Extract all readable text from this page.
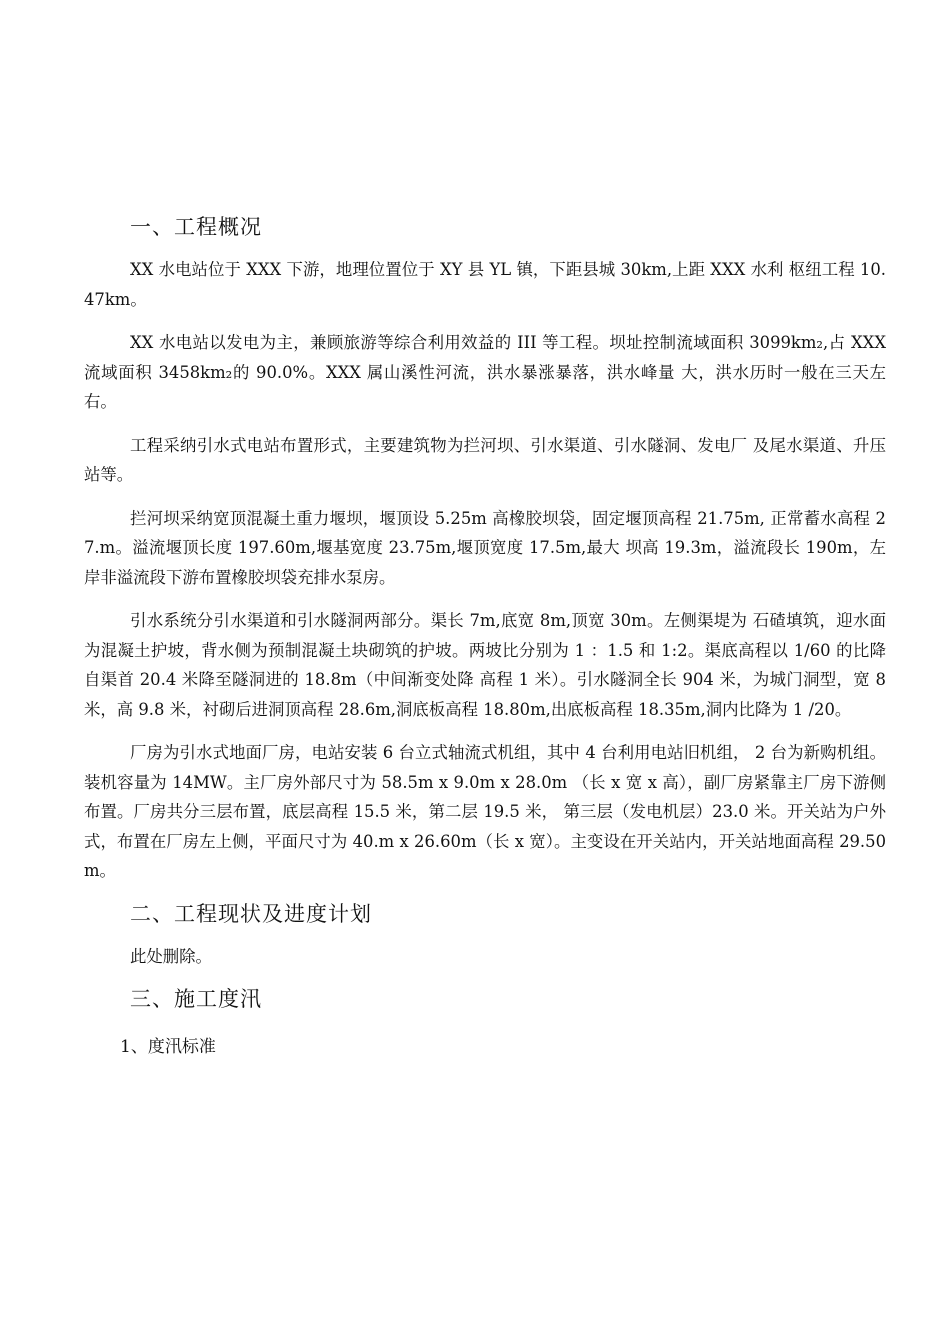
一、工程概况

XX 水电站位于 XXX 下游，地理位置位于 XY 县 YL 镇，下距县城 30km,上距 XXX 水利 枢纽工程 10.47km。

XX 水电站以发电为主，兼顾旅游等综合利用效益的 III 等工程。坝址控制流域面积 3099km₂,占 XXX 流域面积 3458km₂的 90.0%。XXX 属山溪性河流，洪水暴涨暴落，洪水峰量 大，洪水历时一般在三天左右。

工程采纳引水式电站布置形式，主要建筑物为拦河坝、引水渠道、引水隧洞、发电厂 及尾水渠道、升压站等。

拦河坝采纳宽顶混凝土重力堰坝，堰顶设 5.25m 高橡胶坝袋，固定堰顶高程 21.75m, 正常蓄水高程 27.m。溢流堰顶长度 197.60m,堰基宽度 23.75m,堰顶宽度 17.5m,最大 坝高 19.3m，溢流段长 190m，左岸非溢流段下游布置橡胶坝袋充排水泵房。

引水系统分引水渠道和引水隧洞两部分。渠长 7m,底宽 8m,顶宽 30m。左侧渠堤为 石碴填筑，迎水面为混凝土护坡，背水侧为预制混凝土块砌筑的护坡。两坡比分别为 1 ：1.5 和 1:2。渠底高程以 1/60 的比降自渠首 20.4 米降至隧洞进的 18.8m（中间渐变处降 高程 1 米）。引水隧洞全长 904 米，为城门洞型，宽 8 米，高 9.8 米，衬砌后进洞顶高程 28.6m,洞底板高程 18.80m,出底板高程 18.35m,洞内比降为 1 /20。

厂房为引水式地面厂房，电站安装 6 台立式轴流式机组，其中 4 台利用电站旧机组， 2 台为新购机组。装机容量为 14MW。主厂房外部尺寸为 58.5m x 9.0m x 28.0m （长 x 宽 x 高），副厂房紧靠主厂房下游侧布置。厂房共分三层布置，底层高程 15.5 米，第二层 19.5 米， 第三层（发电机层）23.0 米。开关站为户外式，布置在厂房左上侧，平面尺寸为 40.m x 26.60m（长 x 宽）。主变设在开关站内，开关站地面高程 29.50m。

二、工程现状及进度计划

此处删除。

三、施工度汛
1、度汛标准
